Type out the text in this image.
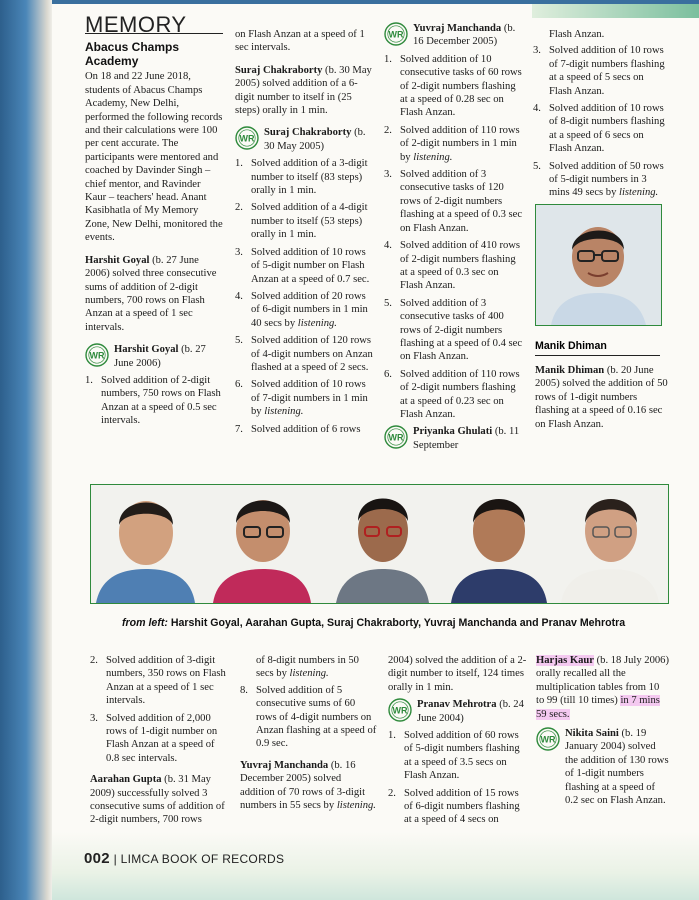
MEMORY
Abacus Champs Academy

On 18 and 22 June 2018, students of Abacus Champs Academy, New Delhi, performed the following records and their calculations were 100 per cent accurate. The participants were mentored and coached by Davinder Singh – chief mentor, and Ravinder Kaur – teachers' head. Anant Kasibhatla of My Memory Zone, New Delhi, monitored the events.

Harshit Goyal (b. 27 June 2006) solved three consecutive sums of addition of 2-digit numbers, 700 rows on Flash Anzan at a speed of 1 sec intervals.

WR
Harshit Goyal (b. 27 June 2006)
1. Solved addition of 2-digit numbers, 750 rows on Flash Anzan at a speed of 0.5 sec intervals.

on Flash Anzan at a speed of 1 sec intervals.

Suraj Chakraborty (b. 30 May 2005) solved addition of a 6-digit number to itself in (25 steps) orally in 1 min.

WR
Suraj Chakraborty (b. 30 May 2005)
1. Solved addition of a 3-digit number to itself (83 steps) orally in 1 min.
2. Solved addition of a 4-digit number to itself (53 steps) orally in 1 min.
3. Solved addition of 10 rows of 5-digit number on Flash Anzan at a speed of 0.7 sec.
4. Solved addition of 20 rows of 6-digit numbers in 1 min 40 secs by listening.
5. Solved addition of 120 rows of 4-digit numbers on Anzan flashed at a speed of 2 secs.
6. Solved addition of 10 rows of 7-digit numbers in 1 min by listening.
7. Solved addition of 6 rows
WR
Yuvraj Manchanda (b. 16 December 2005)
1. Solved addition of 10 consecutive tasks of 60 rows of 2-digit numbers flashing at a speed of 0.28 sec on Flash Anzan.
2. Solved addition of 110 rows of 2-digit numbers in 1 min by listening.
3. Solved addition of 3 consecutive tasks of 120 rows of 2-digit numbers flashing at a speed of 0.3 sec on Flash Anzan.
4. Solved addition of 410 rows of 2-digit numbers flashing at a speed of 0.3 sec on Flash Anzan.
5. Solved addition of 3 consecutive tasks of 400 rows of 2-digit numbers flashing at a speed of 0.4 sec on Flash Anzan.
6. Solved addition of 110 rows of 2-digit numbers flashing at a speed of 0.23 sec on Flash Anzan.
WR
Priyanka Ghulati (b. 11 September

Flash Anzan.

3. Solved addition of 10 rows of 7-digit numbers flashing at a speed of 5 secs on Flash Anzan.
4. Solved addition of 10 rows of 8-digit numbers flashing at a speed of 6 secs on Flash Anzan.
5. Solved addition of 50 rows of 5-digit numbers in 3 mins 49 secs by listening.
Manik Dhiman

Manik Dhiman (b. 20 June 2005) solved the addition of 50 rows of 1-digit numbers flashing at a speed of 0.16 sec on Flash Anzan.

from left: Harshit Goyal, Aarahan Gupta, Suraj Chakraborty, Yuvraj Manchanda and Pranav Mehrotra
2. Solved addition of 3-digit numbers, 350 rows on Flash Anzan at a speed of 1 sec intervals.
3. Solved addition of 2,000 rows of 1-digit number on Flash Anzan at a speed of 0.8 sec intervals.

Aarahan Gupta (b. 31 May 2009) successfully solved 3 consecutive sums of addition of 2-digit numbers, 700 rows

of 8-digit numbers in 50 secs by listening.

8. Solved addition of 5 consecutive sums of 60 rows of 4-digit numbers on Anzan flashing at a speed of 0.9 sec.

Yuvraj Manchanda (b. 16 December 2005) solved addition of 70 rows of 3-digit numbers in 55 secs by listening.

2004) solved the addition of a 2-digit number to itself, 124 times orally in 1 min.

WR
Pranav Mehrotra (b. 24 June 2004)
1. Solved addition of 60 rows of 5-digit numbers flashing at a speed of 3.5 secs on Flash Anzan.
2. Solved addition of 15 rows of 6-digit numbers flashing at a speed of 4 secs on

Harjas Kaur (b. 18 July 2006) orally recalled all the multiplication tables from 10 to 99 (till 10 times) in 7 mins 59 secs.

WR
Nikita Saini (b. 19 January 2004) solved the addition of 130 rows of 1-digit numbers flashing at a speed of 0.2 sec on Flash Anzan.
002 | LIMCA BOOK OF RECORDS
